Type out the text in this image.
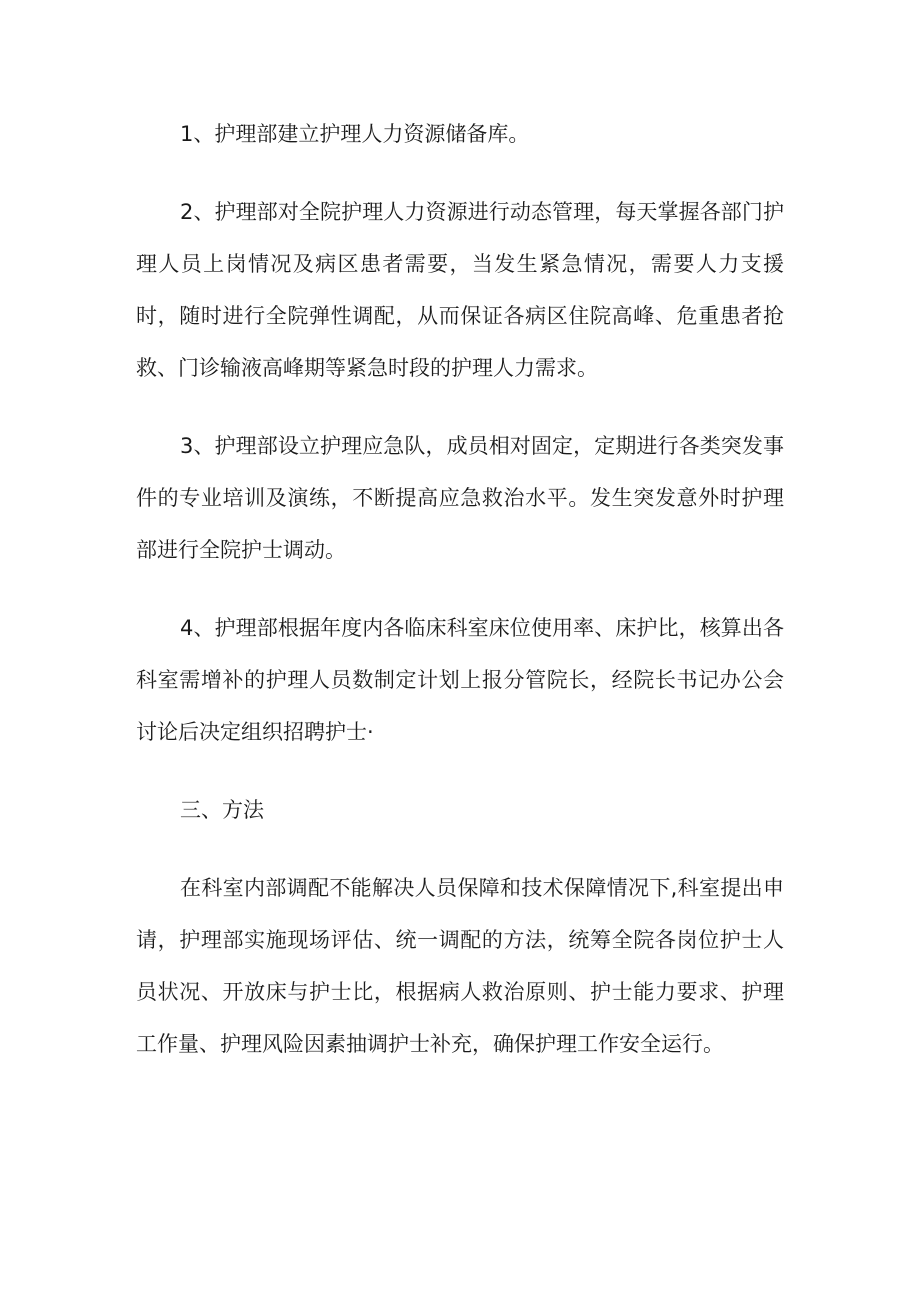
1、护理部建立护理人力资源储备库。

2、护理部对全院护理人力资源进行动态管理，每天掌握各部门护理人员上岗情况及病区患者需要，当发生紧急情况，需要人力支援时，随时进行全院弹性调配，从而保证各病区住院高峰、危重患者抢救、门诊输液高峰期等紧急时段的护理人力需求。

3、护理部设立护理应急队，成员相对固定，定期进行各类突发事件的专业培训及演练，不断提高应急救治水平。发生突发意外时护理部进行全院护士调动。

4、护理部根据年度内各临床科室床位使用率、床护比，核算出各科室需增补的护理人员数制定计划上报分管院长，经院长书记办公会讨论后决定组织招聘护士·

三、方法

在科室内部调配不能解决人员保障和技术保障情况下,科室提出申请，护理部实施现场评估、统一调配的方法，统筹全院各岗位护士人员状况、开放床与护士比，根据病人救治原则、护士能力要求、护理工作量、护理风险因素抽调护士补充，确保护理工作安全运行。
